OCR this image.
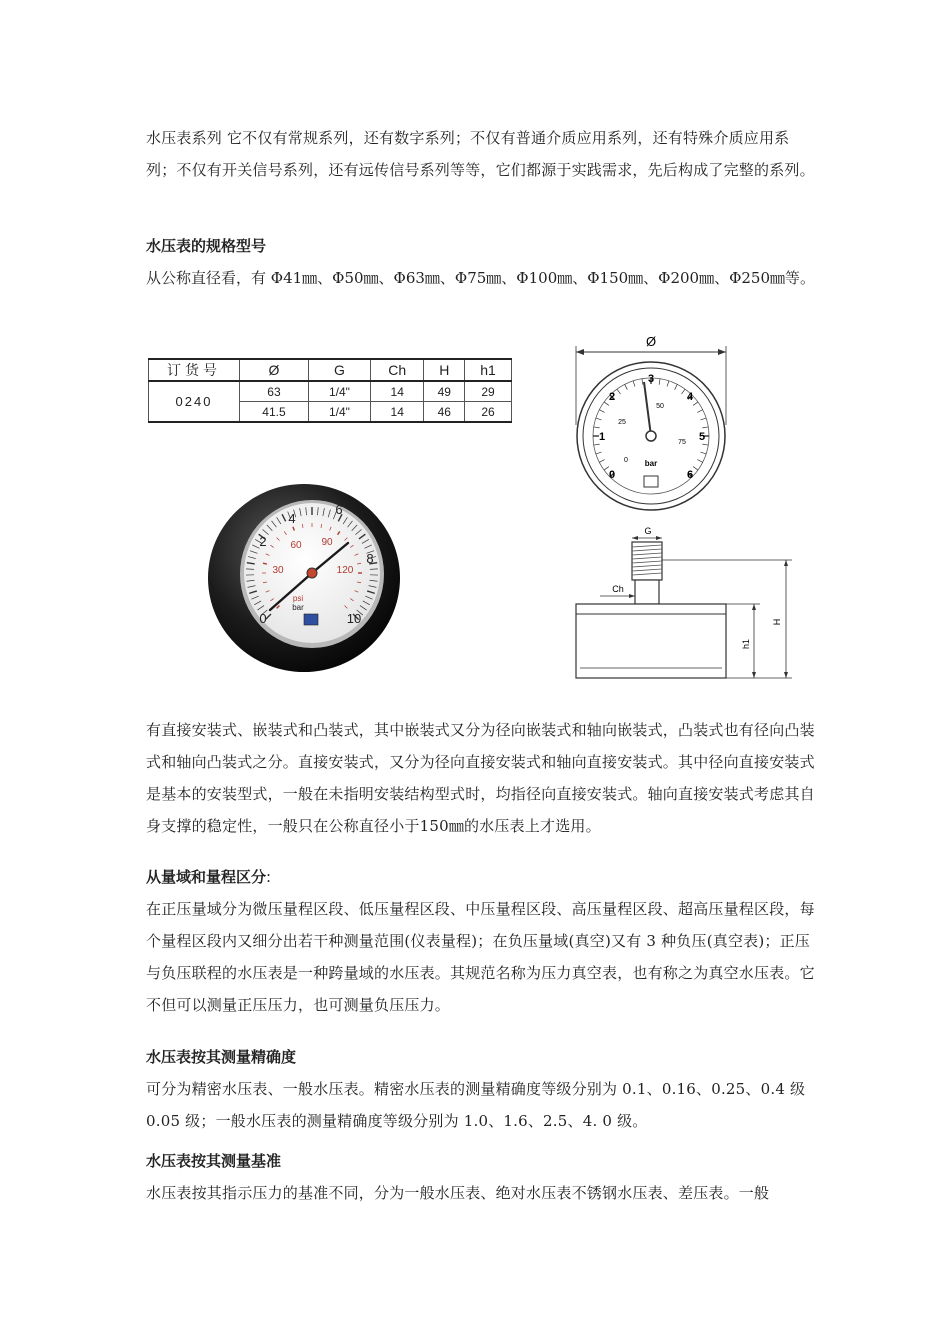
水压表系列 它不仅有常规系列，还有数字系列；不仅有普通介质应用系列，还有特殊介质应用系列；不仅有开关信号系列，还有远传信号系列等等，它们都源于实践需求，先后构成了完整的系列。

水压表的规格型号

从公称直径看，有 Φ41㎜、Φ50㎜、Φ63㎜、Φ75㎜、Φ100㎜、Φ150㎜、Φ200㎜、Φ250㎜等。

订货号	Ø	G	Ch	H	h1
0240	63	1/4"	14	49	29
	41.5	1/4"	14	46	26
Ø
0
1
2
3
4
5
6
0
25
50
75
bar
G
Ch
H
h1
0
2
4
6
8
10
30
60 90
120
psi
bar

有直接安装式、嵌装式和凸装式，其中嵌装式又分为径向嵌装式和轴向嵌装式，凸装式也有径向凸装式和轴向凸装式之分。直接安装式，又分为径向直接安装式和轴向直接安装式。其中径向直接安装式是基本的安装型式，一般在未指明安装结构型式时，均指径向直接安装式。轴向直接安装式考虑其自身支撑的稳定性，一般只在公称直径小于150㎜的水压表上才选用。

从量域和量程区分:

在正压量域分为微压量程区段、低压量程区段、中压量程区段、高压量程区段、超高压量程区段，每个量程区段内又细分出若干种测量范围(仪表量程)；在负压量域(真空)又有 3 种负压(真空表)；正压与负压联程的水压表是一种跨量域的水压表。其规范名称为压力真空表，也有称之为真空水压表。它不但可以测量正压压力，也可测量负压压力。

水压表按其测量精确度

可分为精密水压表、一般水压表。精密水压表的测量精确度等级分别为 0.1、0.16、0.25、0.4 级 0.05 级；一般水压表的测量精确度等级分别为 1.0、1.6、2.5、4. 0 级。

水压表按其测量基准

水压表按其指示压力的基准不同，分为一般水压表、绝对水压表不锈钢水压表、差压表。一般
